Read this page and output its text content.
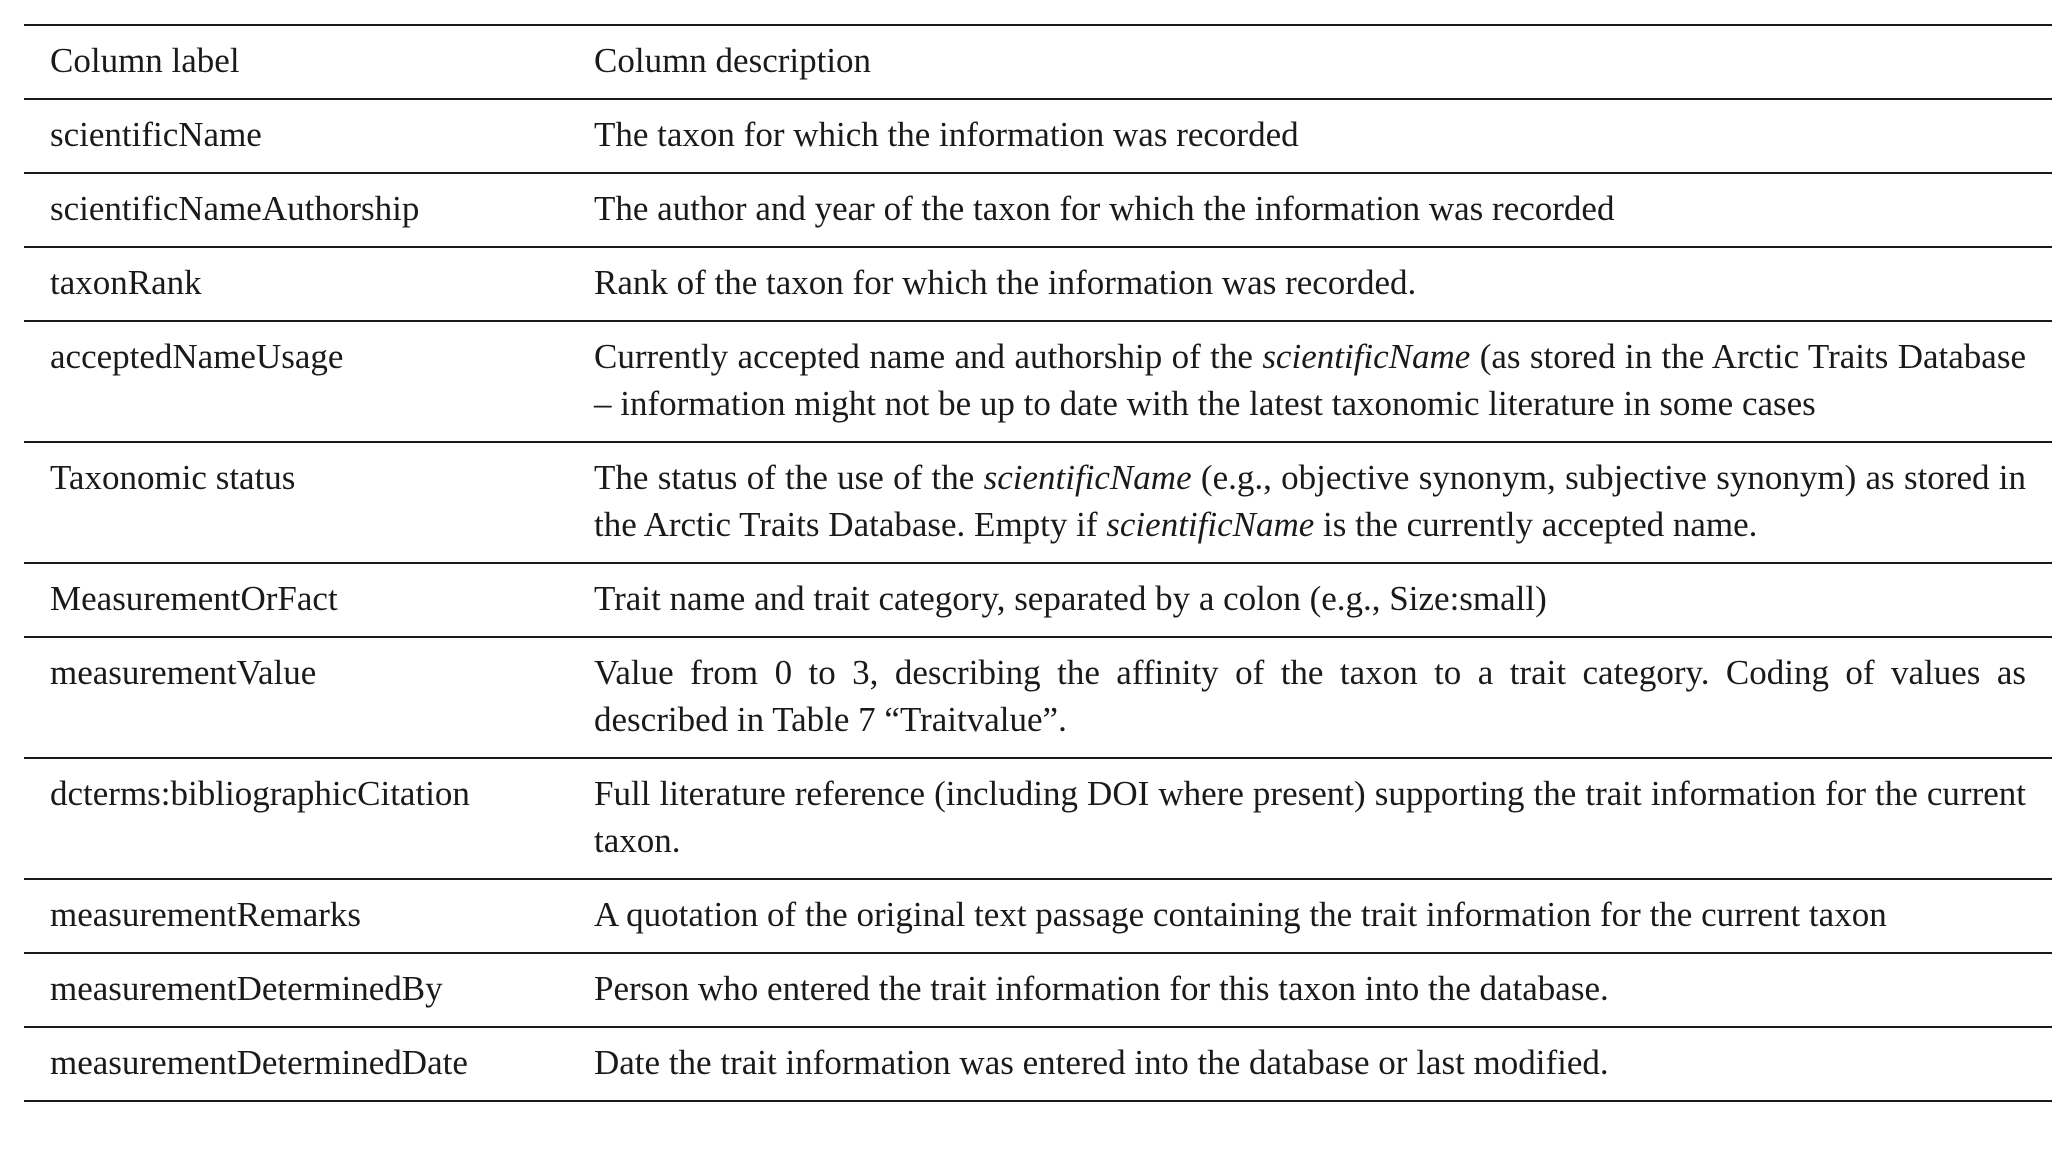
Column label	Column description
scientificName	The taxon for which the information was recorded
scientificNameAuthorship	The author and year of the taxon for which the information was recorded
taxonRank	Rank of the taxon for which the information was recorded.
acceptedNameUsage	Currently accepted name and authorship of the scientificName (as stored in the Arctic Traits Database – information might not be up to date with the latest taxonomic literature in some cases
Taxonomic status	The status of the use of the scientificName (e.g., objective synonym, subjective synonym) as stored in the Arctic Traits Database. Empty if scientificName is the currently accepted name.
MeasurementOrFact	Trait name and trait category, separated by a colon (e.g., Size:small)
measurementValue	Value from 0 to 3, describing the affinity of the taxon to a trait category. Coding of values as described in Table 7 “Traitvalue”.
dcterms:bibliographicCitation	Full literature reference (including DOI where present) supporting the trait information for the current taxon.
measurementRemarks	A quotation of the original text passage containing the trait information for the current taxon
measurementDeterminedBy	Person who entered the trait information for this taxon into the database.
measurementDeterminedDate	Date the trait information was entered into the database or last modified.
